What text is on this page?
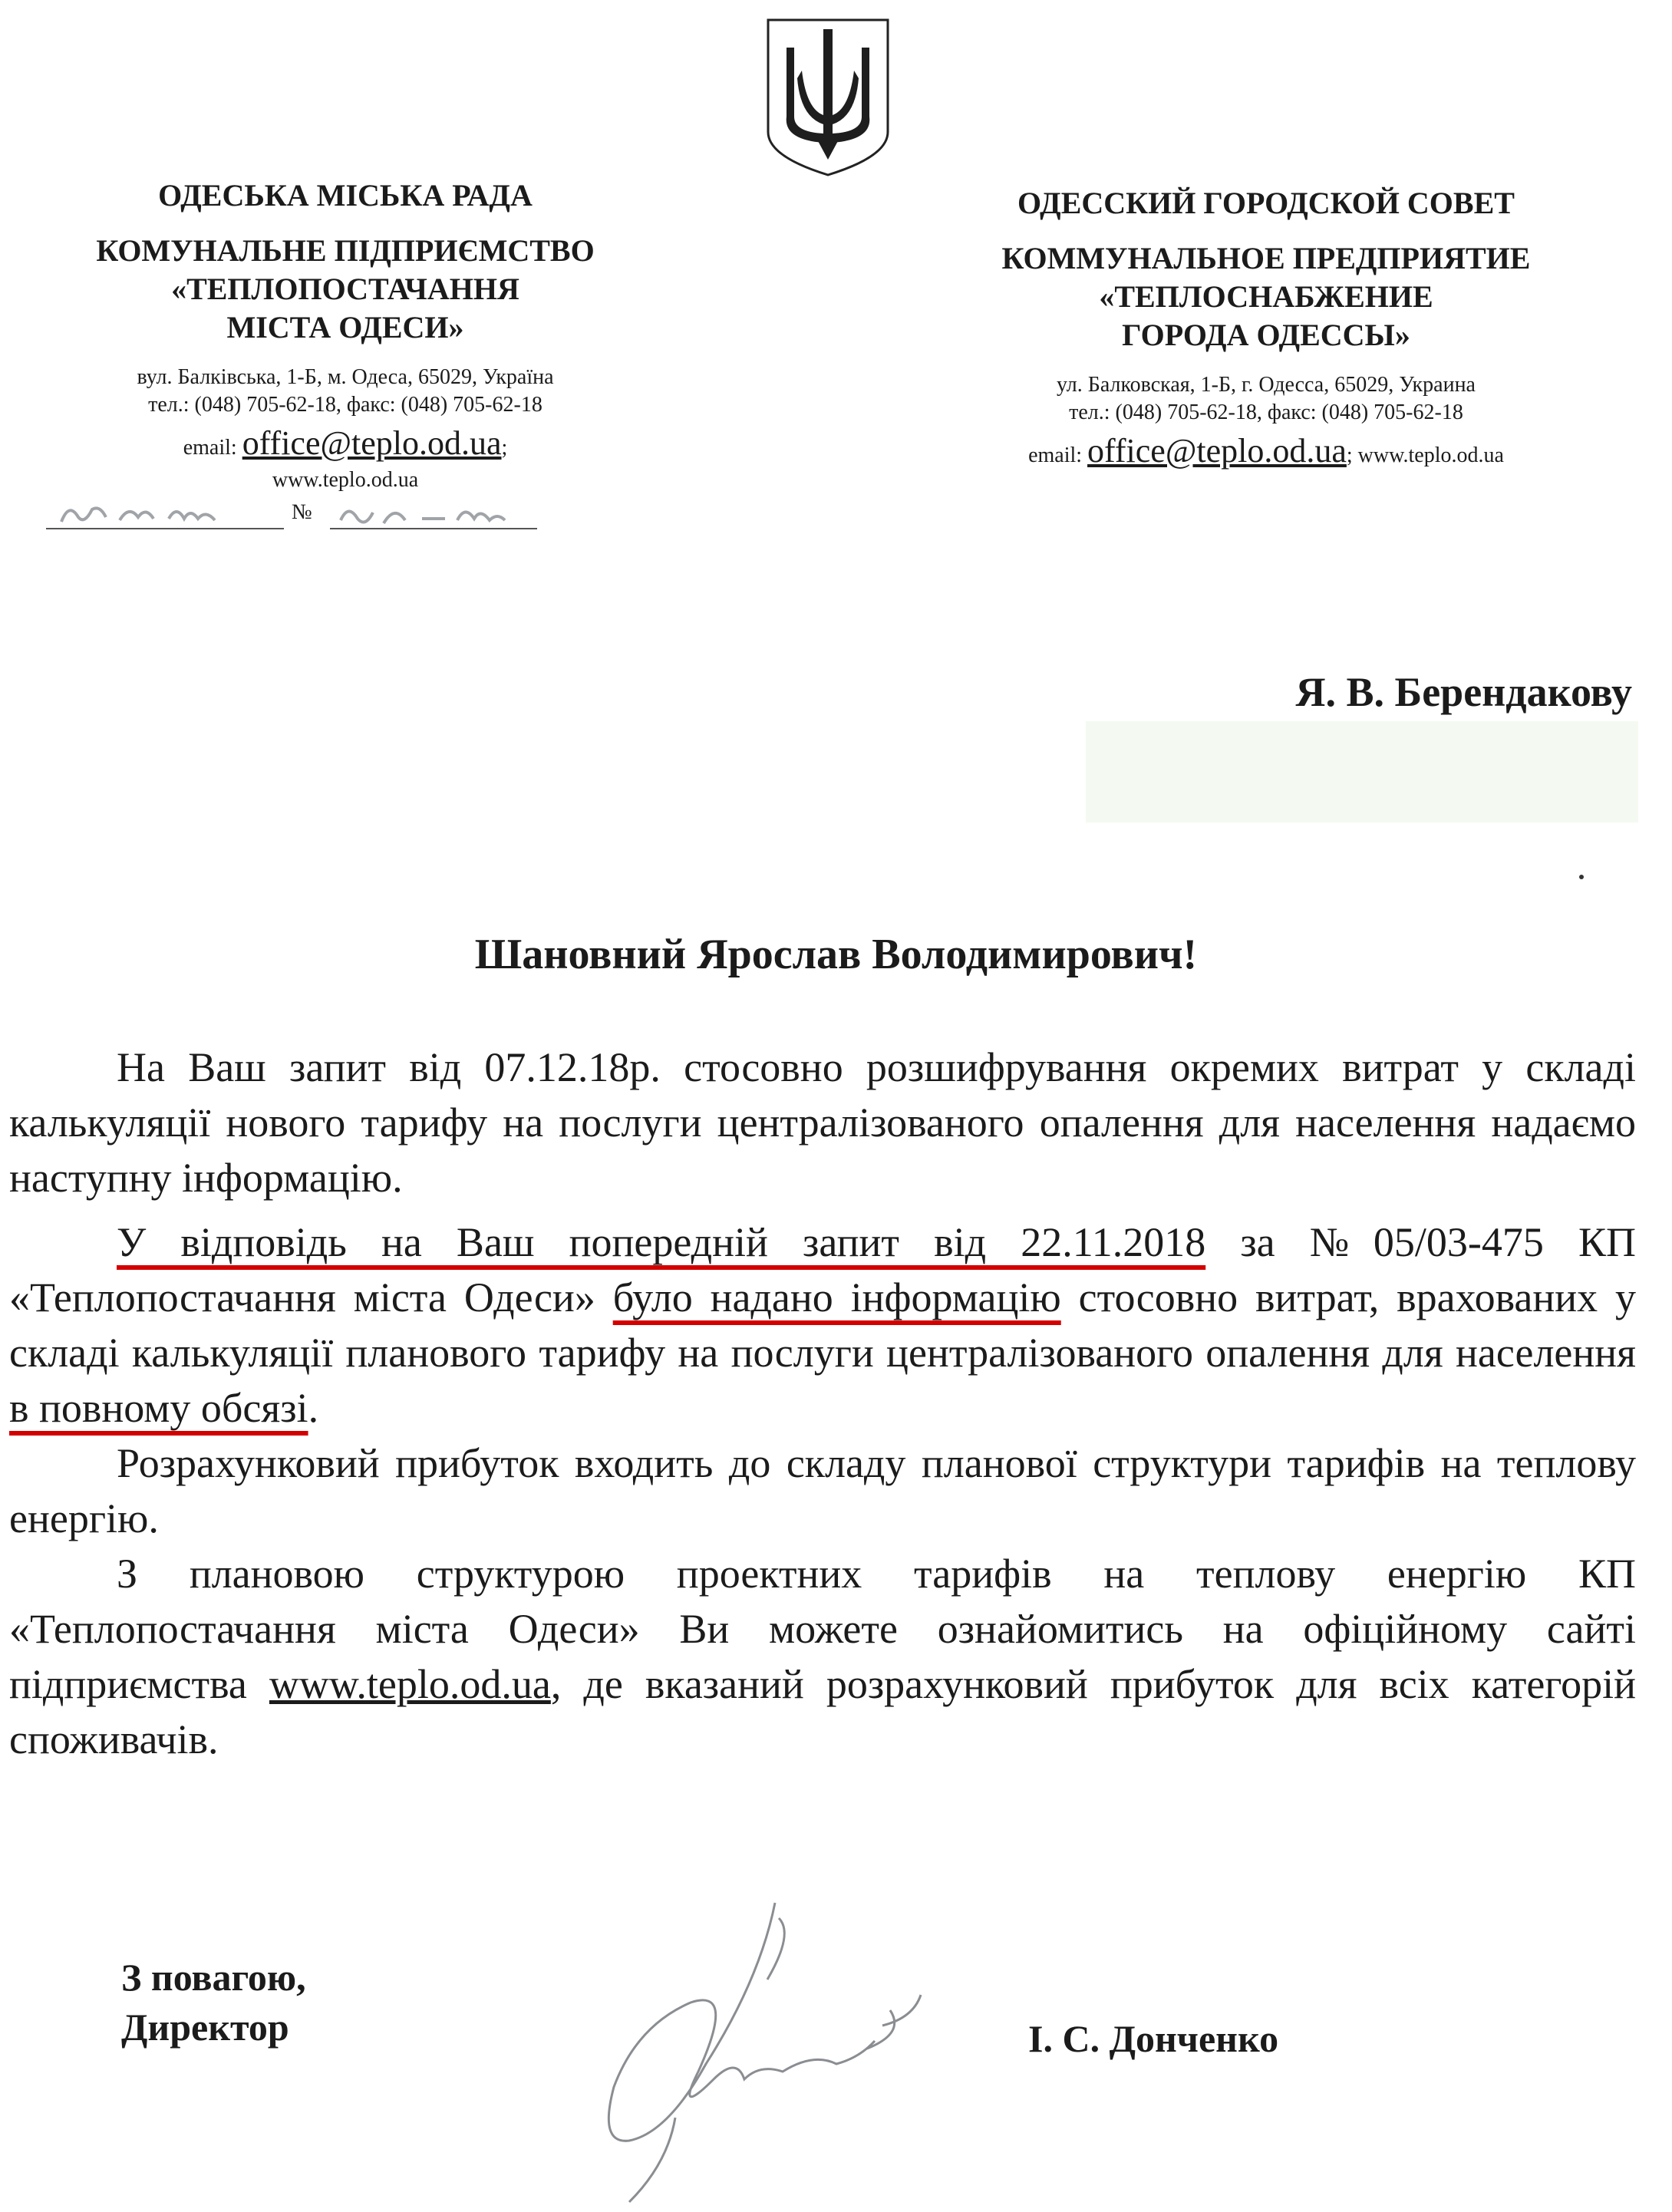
ОДЕСЬКА МІСЬКА РАДА
КОМУНАЛЬНЕ ПІДПРИЄМСТВО
«ТЕПЛОПОСТАЧАННЯ
МІСТА ОДЕСИ»
вул. Балківська, 1-Б, м. Одеса, 65029, Україна
тел.: (048) 705-62-18, факс: (048) 705-62-18
email: office@teplo.od.ua;
www.teplo.od.ua
№
ОДЕССКИЙ ГОРОДСКОЙ СОВЕТ
КОММУНАЛЬНОЕ ПРЕДПРИЯТИЕ
«ТЕПЛОСНАБЖЕНИЕ
ГОРОДА ОДЕССЫ»
ул. Балковская, 1-Б, г. Одесса, 65029, Украина
тел.: (048) 705-62-18, факс: (048) 705-62-18
email: office@teplo.od.ua; www.teplo.od.ua
Я. В. Берендакову
Шановний Ярослав Володимирович!

На Ваш запит від 07.12.18р. стосовно розшифрування окремих витрат у складі калькуляції нового тарифу на послуги централізованого опалення для населення надаємо наступну інформацію.

У відповідь на Ваш попередній запит від 22.11.2018 за №05/03-475 КП «Теплопостачання міста Одеси» було надано інформацію стосовно витрат, врахованих у складі калькуляції планового тарифу на послуги централізованого опалення для населення в повному обсязі.

Розрахунковий прибуток входить до складу планової структури тарифів на теплову енергію.

З плановою структурою проектних тарифів на теплову енергію КП «Теплопостачання міста Одеси» Ви можете ознайомитись на офіційному сайті підприємства www.teplo.od.ua, де вказаний розрахунковий прибуток для всіх категорій споживачів.

З повагою,
Директор	І. С. Донченко
